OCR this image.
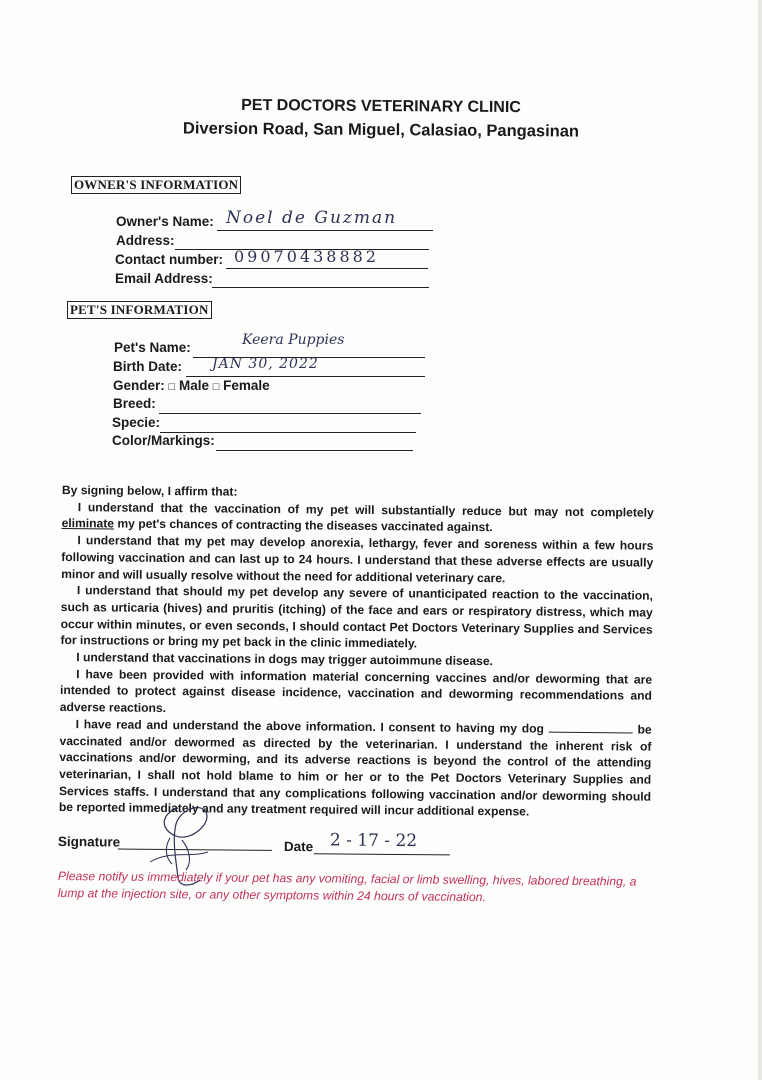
PET DOCTORS VETERINARY CLINIC
Diversion Road, San Miguel, Calasiao, Pangasinan
OWNER'S INFORMATION
Owner's Name: Noel de Guzman
Address:
Contact number: 09070438882
Email Address:
PET'S INFORMATION
Pet's Name:	Keera Puppies
Birth Date: JAN 30, 2022
Gender: □ Male □ Female
Breed:
Specie:
Color/Markings:

By signing below, I affirm that:

I understand that the vaccination of my pet will substantially reduce but may not completely eliminate my pet's chances of contracting the diseases vaccinated against.

I understand that my pet may develop anorexia, lethargy, fever and soreness within a few hours following vaccination and can last up to 24 hours. I understand that these adverse effects are usually minor and will usually resolve without the need for additional veterinary care.

I understand that should my pet develop any severe of unanticipated reaction to the vaccination, such as urticaria (hives) and pruritis (itching) of the face and ears or respiratory distress, which may occur within minutes, or even seconds, I should contact Pet Doctors Veterinary Supplies and Services for instructions or bring my pet back in the clinic immediately.

I understand that vaccinations in dogs may trigger autoimmune disease.

I have been provided with information material concerning vaccines and/or deworming that are intended to protect against disease incidence, vaccination and deworming recommendations and adverse reactions.

I have read and understand the above information. I consent to having my dog	be vaccinated and/or dewormed as directed by the veterinarian. I understand the inherent risk of vaccinations and/or deworming, and its adverse reactions is beyond the control of the attending veterinarian, I shall not hold blame to him or her or to the Pet Doctors Veterinary Supplies and Services staffs. I understand that any complications following vaccination and/or deworming should be reported immediately and any treatment required will incur additional expense.

Signature	Date 2 - 17 - 22
Please notify us immediately if your pet has any vomiting, facial or limb swelling, hives, labored breathing, a lump at the injection site, or any other symptoms within 24 hours of vaccination.
